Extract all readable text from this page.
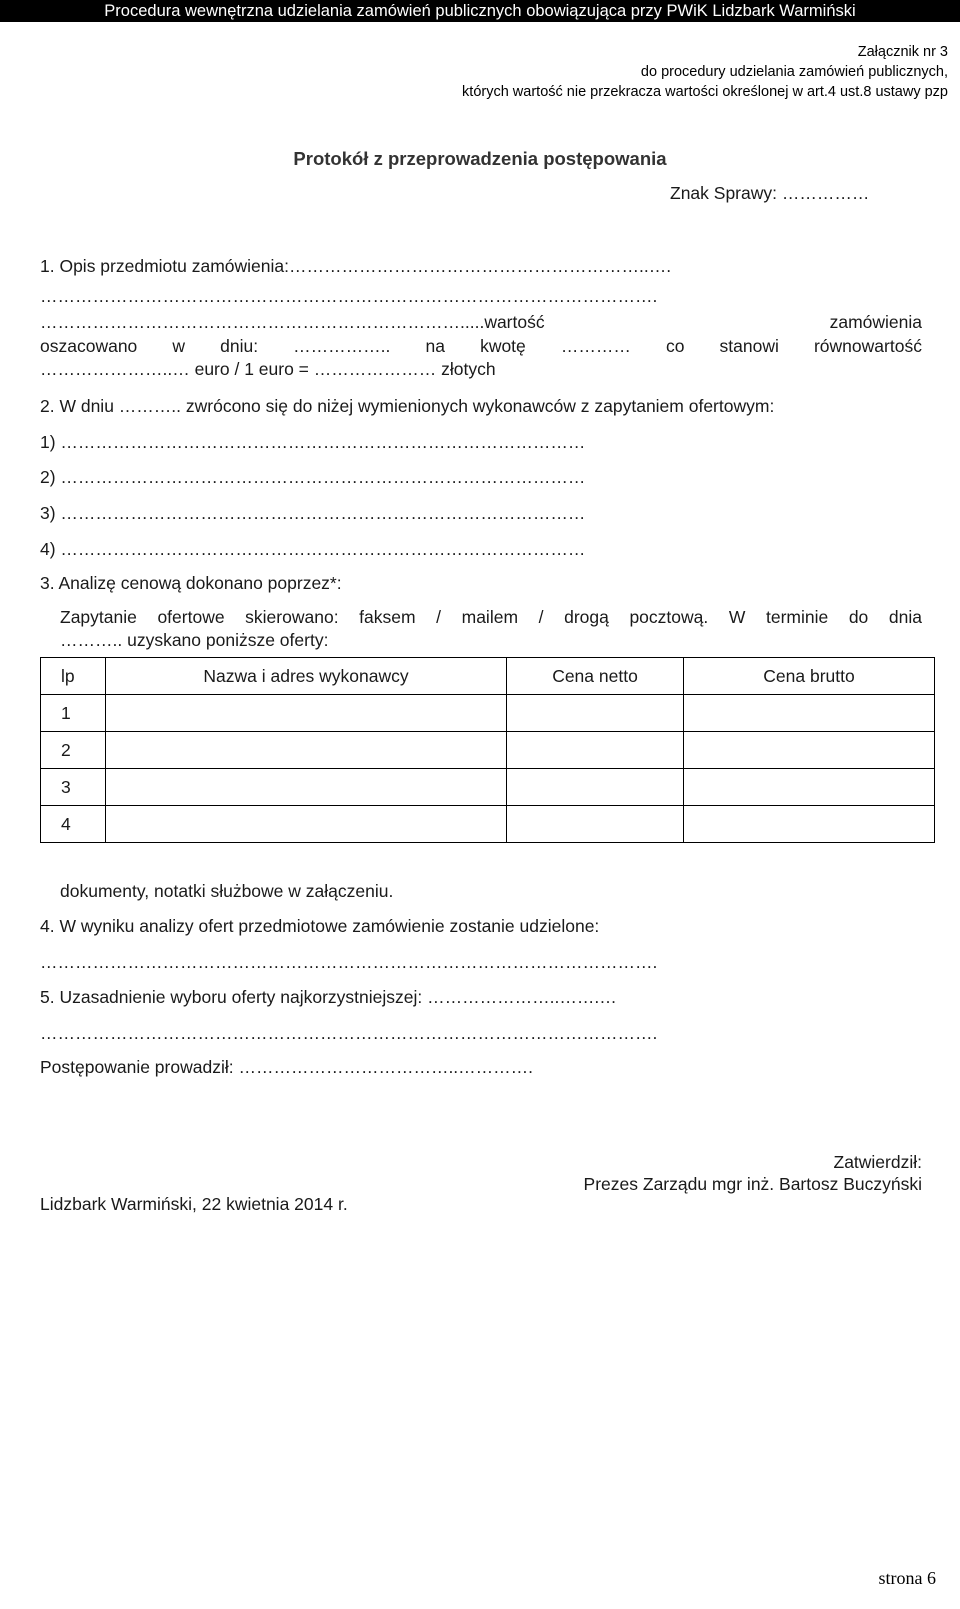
Procedura wewnętrzna udzielania zamówień publicznych obowiązująca przy PWiK Lidzbark Warmiński
Załącznik nr 3
do procedury udzielania zamówień publicznych,
których wartość nie przekracza wartości określonej w art.4 ust.8 ustawy pzp
Protokół z przeprowadzenia postępowania
Znak Sprawy: ……………
1. Opis przedmiotu zamówienia:……………………………………………………..….
…………………………………………………………………………………………….
……………………………………………………………….....wartość	zamówienia
oszacowano w dniu: …………….. na kwotę ………… co stanowi równowartość
…………………..… euro / 1 euro = ………………… złotych
2. W dniu ……….. zwrócono się do niżej wymienionych wykonawców z zapytaniem ofertowym:
1) ………………………………………………………………………………
2) ………………………………………………………………………………
3) ………………………………………………………………………………
4) ………………………………………………………………………………
3. Analizę cenową dokonano poprzez*:
Zapytanie ofertowe skierowano: faksem / mailem / drogą pocztową. W terminie do dnia
……….. uzyskano poniższe oferty:
lp	Nazwa i adres wykonawcy	Cena netto	Cena brutto
1			
2			
3			
4			
dokumenty, notatki służbowe w załączeniu.
4. W wyniku analizy ofert przedmiotowe zamówienie zostanie udzielone:
…………………………………………………………………………………………….
5. Uzasadnienie wyboru oferty najkorzystniejszej: …………………..…….…
…………………………………………………………………………………………….
Postępowanie prowadził: ………………………………..………….
Zatwierdził:
Prezes Zarządu mgr inż. Bartosz Buczyński
Lidzbark Warmiński, 22 kwietnia 2014 r.
strona 6
